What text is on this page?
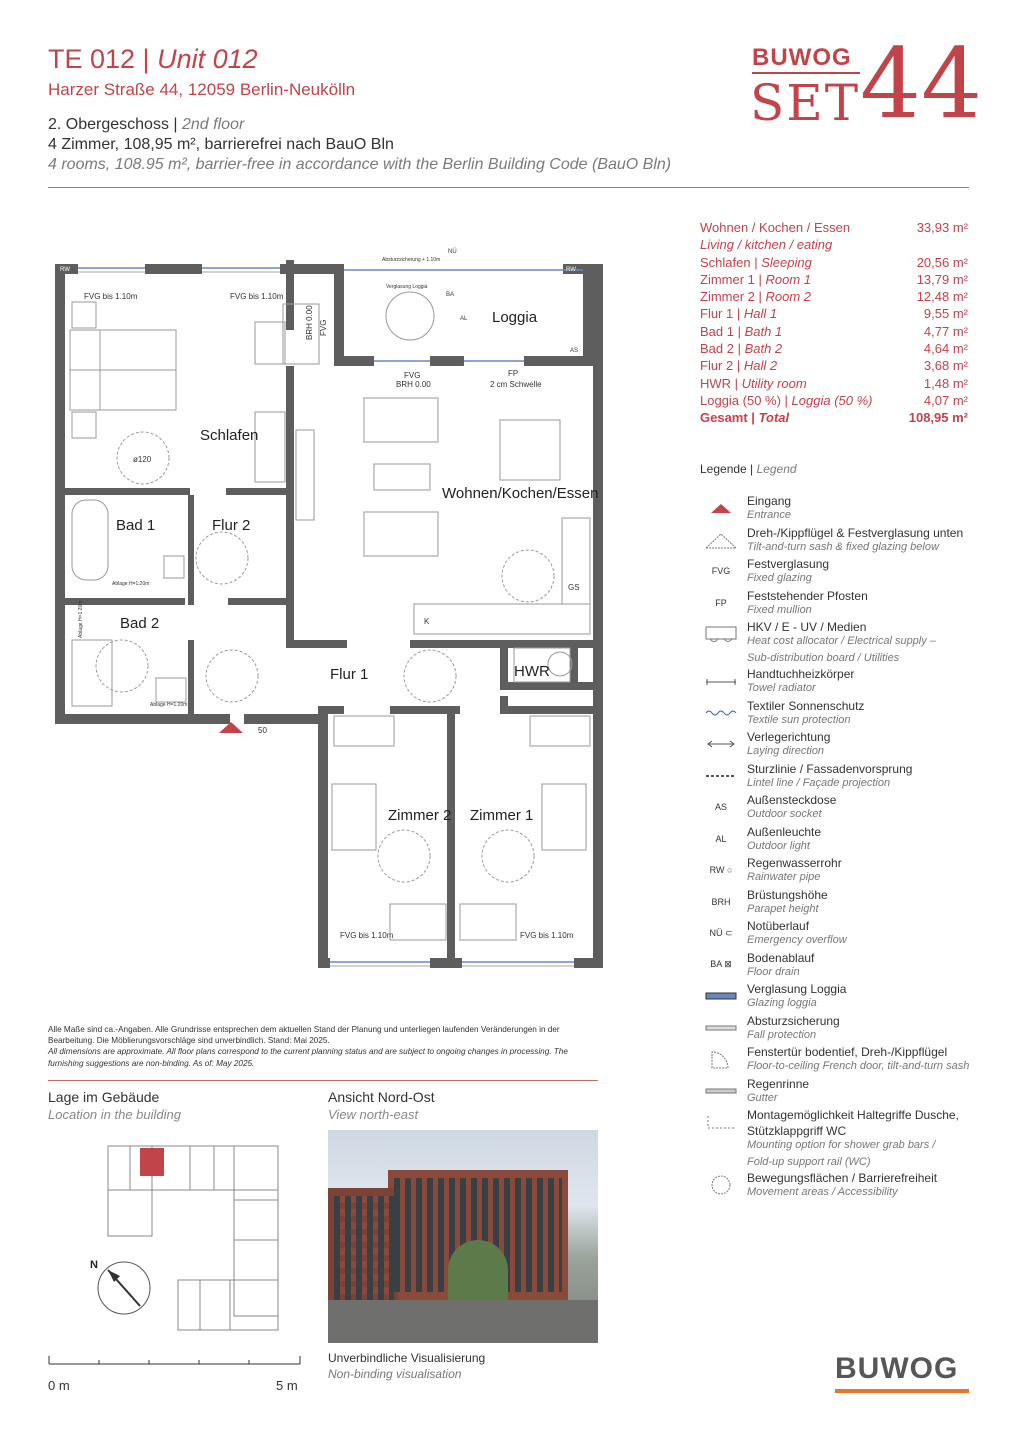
TE 012 | Unit 012
Harzer Straße 44, 12059 Berlin-Neukölln
2. Obergeschoss | 2nd floor
4 Zimmer, 108,95 m², barrierefrei nach BauO Bln
4 rooms, 108.95 m², barrier-free in accordance with the Berlin Building Code (BauO Bln)
BUWOG
SET 44
Wohnen / Kochen / Essen	33,93 m²
Living / kitchen / eating
Schlafen | Sleeping	20,56 m²
Zimmer 1 | Room 1	13,79 m²
Zimmer 2 | Room 2	12,48 m²
Flur 1 | Hall 1	9,55 m²
Bad 1 | Bath 1	4,77 m²
Bad 2 | Bath 2	4,64 m²
Flur 2 | Hall 2	3,68 m²
HWR | Utility room	1,48 m²
Loggia (50 %) | Loggia (50 %)	4,07 m²
Gesamt | Total	108,95 m²
Legende | Legend
Eingang
Entrance
Dreh-/Kippflügel & Festverglasung unten
Tilt-and-turn sash & fixed glazing below
FVG	Festverglasung
Fixed glazing
FP	Feststehender Pfosten
Fixed mullion
HKV / E - UV / Medien
Heat cost allocator / Electrical supply –
Sub-distribution board / Utilities
Handtuchheizkörper
Towel radiator
Textiler Sonnenschutz
Textile sun protection
Verlegerichtung
Laying direction
Sturzlinie / Fassadenvorsprung
Lintel line / Façade projection
AS	Außensteckdose
Outdoor socket
AL	Außenleuchte
Outdoor light
RW ○	Regenwasserrohr
Rainwater pipe
BRH	Brüstungshöhe
Parapet height
NÜ ⊂	Notüberlauf
Emergency overflow
BA ⊠	Bodenablauf
Floor drain
Verglasung Loggia
Glazing loggia
Absturzsicherung
Fall protection
Fenstertür bodentief, Dreh-/Kippflügel
Floor-to-ceiling French door, tilt-and-turn sash
Regenrinne
Gutter
Montagemöglichkeit Haltegriffe Dusche,
Stützklappgriff WC
Mounting option for shower grab bars /
Fold-up support rail (WC)
Bewegungsflächen / Barrierefreiheit
Movement areas / Accessibility
Loggia
Schlafen
Wohnen/Kochen/Essen
Bad 1	Flur 2
Bad 2
Flur 1	HWR
Zimmer 2 Zimmer 1
FVG bis 1.10m	FVG bis 1.10m
FVG bis 1.10m	FVG bis 1.10m
BRH 0.00 FVG
FVG	FP
BRH 0.00	2 cm Schwelle
Absturzsicherung + 1.10m
NÜ
BA
RW	RW
AL
AS
Verglasung Loggia
ø120
Ablage H=1.20m
Ablage H=1.20m
Ablage H=1.20m
GS
K
50
Alle Maße sind ca.-Angaben. Alle Grundrisse entsprechen dem aktuellen Stand der Planung und unterliegen laufenden Veränderungen in der Bearbeitung. Die Möblierungsvorschläge sind unverbindlich. Stand: Mai 2025.
All dimensions are approximate. All floor plans correspond to the current planning status and are subject to ongoing changes in processing. The furnishing suggestions are non-binding. As of: May 2025.
Lage im Gebäude
Location in the building
N
Ansicht Nord-Ost
View north-east
Unverbindliche Visualisierung
Non-binding visualisation
0 m	5 m
BUWOG
